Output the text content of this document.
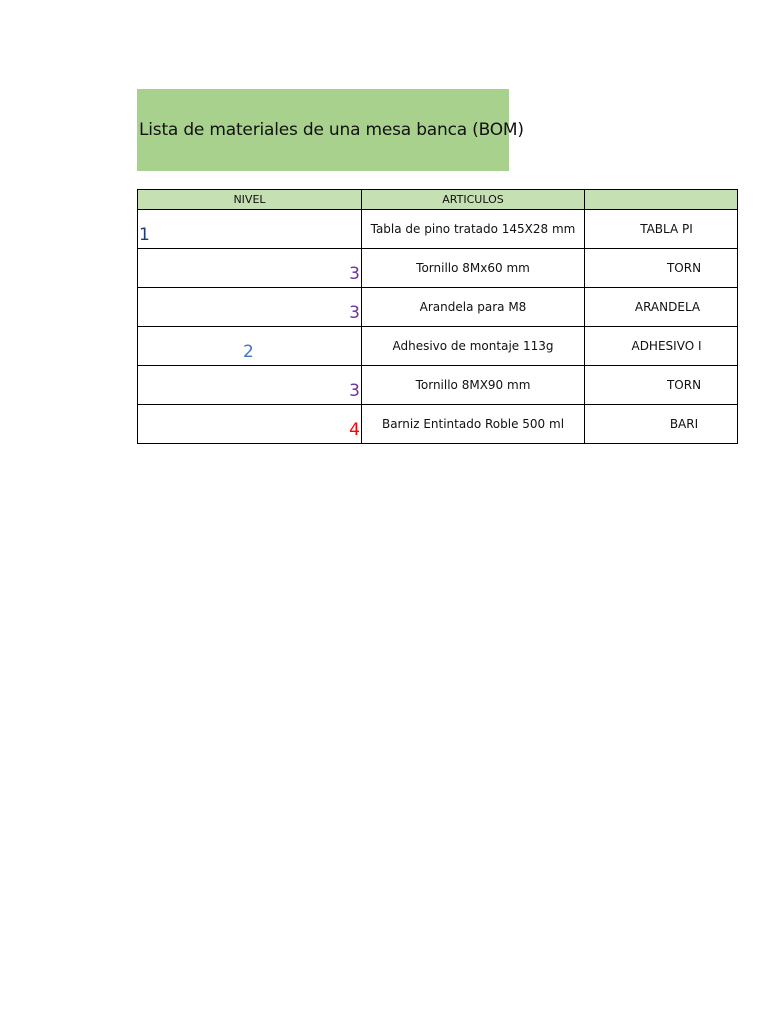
Lista de materiales de una mesa banca (BOM)
NIVEL	ARTICULOS	

1	Tabla de pino tratado 145X28 mm	TABLA PI

3	Tornillo 8Mx60 mm	TORN

3	Arandela para M8	ARANDELA

2	Adhesivo de montaje 113g	ADHESIVO I

3	Tornillo 8MX90 mm	TORN

4	Barniz Entintado Roble 500 ml	BARI
